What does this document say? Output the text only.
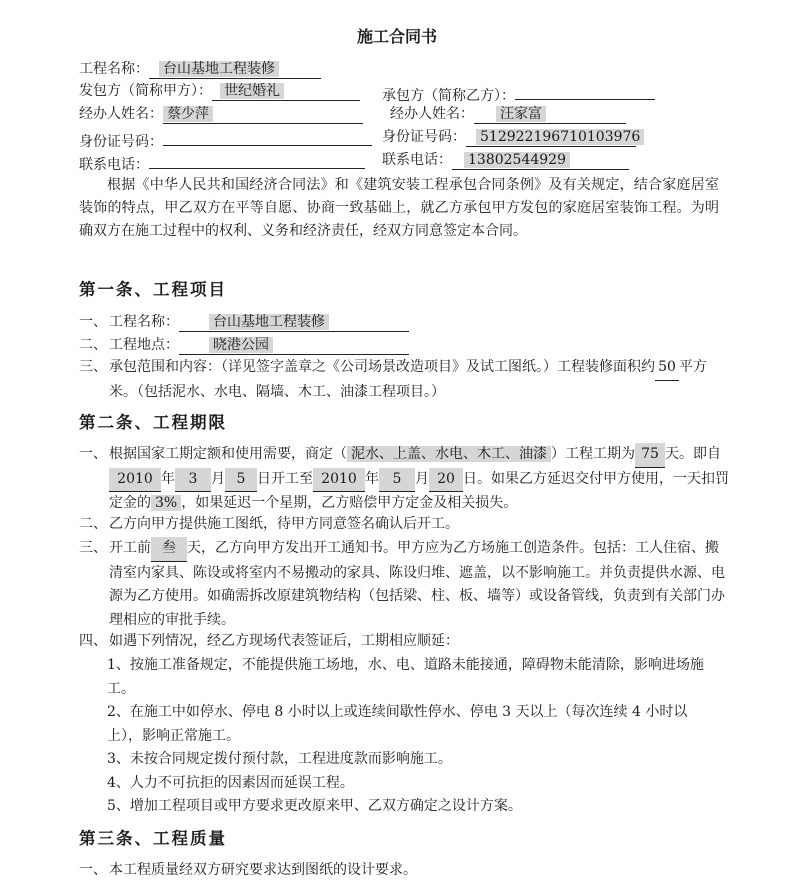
施工合同书
工程名称： 台山基地工程装修
发包方（简称甲方）： 世纪婚礼	承包方（简称乙方）：
经办人姓名： 蔡少萍	经办人姓名： 汪家富
身份证号码：	身份证号码： 512922196710103976
联系电话：	联系电话： 13802544929
根据《中华人民共和国经济合同法》和《建筑安装工程承包合同条例》及有关规定，结合家庭居室装饰的特点，甲乙双方在平等自愿、协商一致基础上，就乙方承包甲方发包的家庭居室装饰工程。为明确双方在施工过程中的权利、义务和经济责任，经双方同意签定本合同。
第一条、工程项目
一、 工程名称： 台山基地工程装修
二、 工程地点： 晓港公园
三、 承包范围和内容：（详见签字盖章之《公司场景改造项目》及试工图纸。）工程装修面积约 50 平方米。（包括泥水、水电、隔墙、木工、油漆工程项目。）
第二条、工程期限
一、 根据国家工期定额和使用需要，商定（ 泥水、上盖、水电、木工、油漆 ）工程工期为 75 天。即自2010 年 3 月 5 日开工至 2010 年 5 月 20 日。如果乙方延迟交付甲方使用，一天扣罚定金的 3% ，如果延迟一个星期，乙方赔偿甲方定金及相关损失。
二、 乙方向甲方提供施工图纸，待甲方同意签名确认后开工。
三、 开工前 叁 天，乙方向甲方发出开工通知书。甲方应为乙方场施工创造条件。包括：工人住宿、搬清室内家具、陈设或将室内不易搬动的家具、陈设归堆、遮盖，以不影响施工。并负责提供水源、电源为乙方使用。如确需拆改原建筑物结构（包括梁、柱、板、墙等）或设备管线，负责到有关部门办理相应的审批手续。
四、 如遇下列情况，经乙方现场代表签证后，工期相应顺延：
1、按施工准备规定，不能提供施工场地，水、电、道路未能接通，障碍物未能清除，影响进场施工。
2、在施工中如停水、停电 8 小时以上或连续间歇性停水、停电 3 天以上（每次连续 4 小时以上），影响正常施工。
3、未按合同规定拨付预付款，工程进度款而影响施工。
4、人力不可抗拒的因素因而延误工程。
5、增加工程项目或甲方要求更改原来甲、乙双方确定之设计方案。
第三条、工程质量
一、 本工程质量经双方研究要求达到图纸的设计要求。
